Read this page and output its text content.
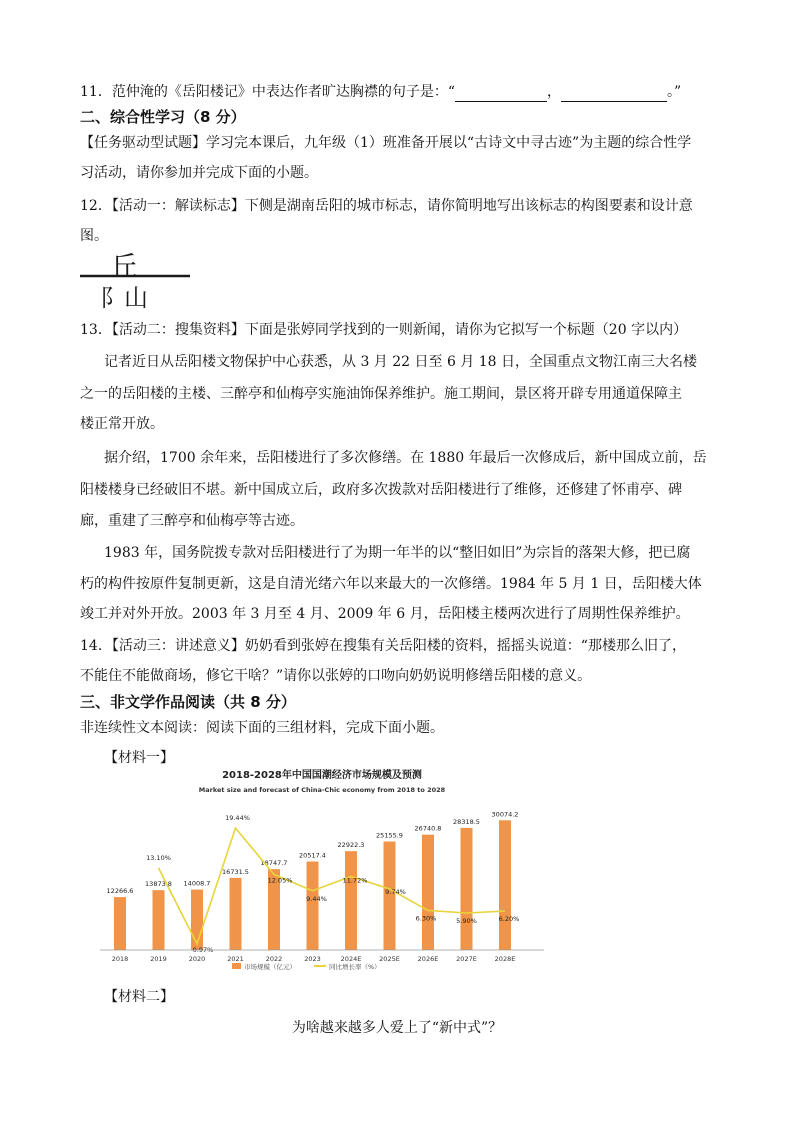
11．范仲淹的《岳阳楼记》中表达作者旷达胸襟的句子是：“	，	。”
二、综合性学习（8 分）
【任务驱动型试题】学习完本课后，九年级（1）班准备开展以“古诗文中寻古迹”为主题的综合性学
习活动，请你参加并完成下面的小题。
12．【活动一：解读标志】下侧是湖南岳阳的城市标志，请你简明地写出该标志的构图要素和设计意
图。
丘
阝山
13．【活动二：搜集资料】下面是张婷同学找到的一则新闻，请你为它拟写一个标题（20 字以内）
记者近日从岳阳楼文物保护中心获悉，从 3 月 22 日至 6 月 18 日，全国重点文物江南三大名楼
之一的岳阳楼的主楼、三醉亭和仙梅亭实施油饰保养维护。施工期间，景区将开辟专用通道保障主
楼正常开放。
据介绍，1700 余年来，岳阳楼进行了多次修缮。在 1880 年最后一次修成后，新中国成立前，岳
阳楼楼身已经破旧不堪。新中国成立后，政府多次拨款对岳阳楼进行了维修，还修建了怀甫亭、碑
廊，重建了三醉亭和仙梅亭等古迹。
1983 年，国务院拨专款对岳阳楼进行了为期一年半的以“整旧如旧”为宗旨的落架大修，把已腐
朽的构件按原件复制更新，这是自清光绪六年以来最大的一次修缮。1984 年 5 月 1 日，岳阳楼大体
竣工并对外开放。2003 年 3 月至 4 月、2009 年 6 月，岳阳楼主楼两次进行了周期性保养维护。
14．【活动三：讲述意义】奶奶看到张婷在搜集有关岳阳楼的资料，摇摇头说道：“那楼那么旧了，
不能住不能做商场，修它干啥？”请你以张婷的口吻向奶奶说明修缮岳阳楼的意义。
三、非文学作品阅读（共 8 分）
非连续性文本阅读：阅读下面的三组材料，完成下面小题。
【材料一】
2018-2028年中国国潮经济市场规模及预测
Market size and forecast of China-Chic economy from 2018 to 2028
12266.6
13873.8 14008.7
16731.5
18747.7
20517.4
22922.3
25155.9
26740.8
28318.5
30074.2
13.10%
0.97%
19.44%
12.05%
9.44%
11.72%
9.74%
6.30%	5.90%	6.20%
2018	2019	2020	2021	2022	2023	2024E	2025E	2026E	2027E	2028E
市场规模（亿元）	同比增长率（%）
【材料二】
为啥越来越多人爱上了“新中式”？
